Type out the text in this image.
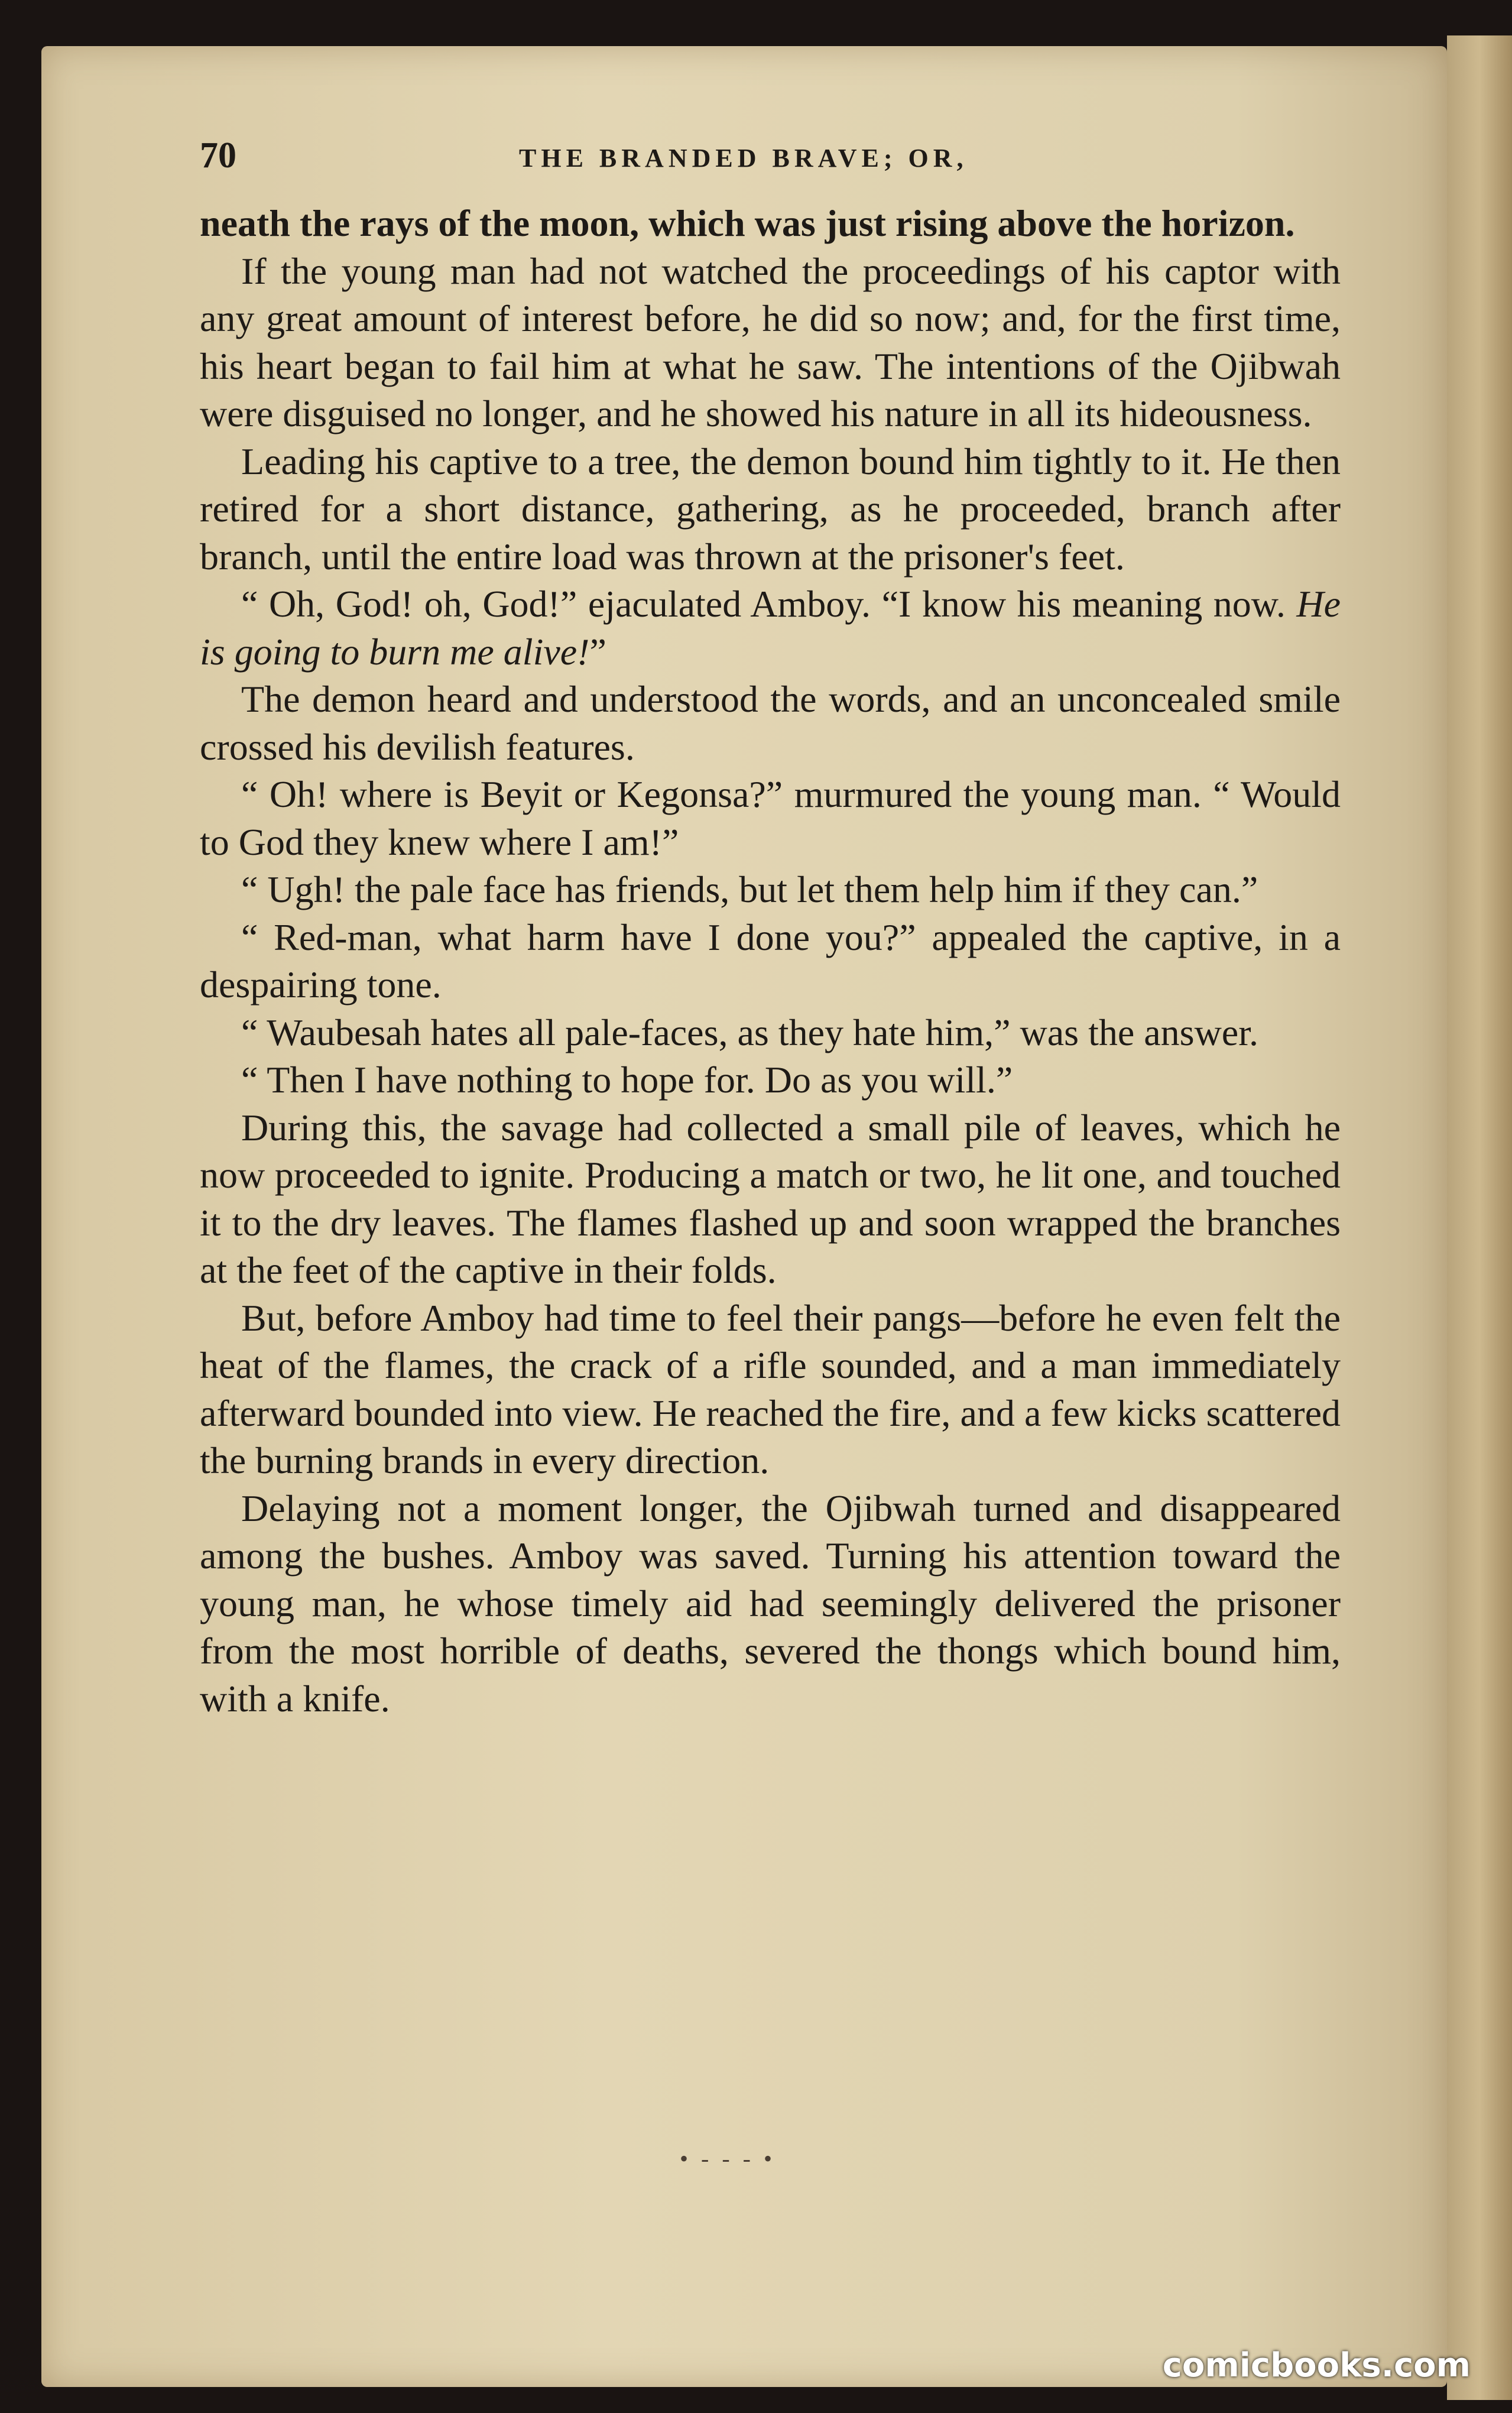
70	THE BRANDED BRAVE; OR,

neath the rays of the moon, which was just rising above the horizon.

If the young man had not watched the proceedings of his captor with any great amount of interest before, he did so now; and, for the first time, his heart began to fail him at what he saw. The intentions of the Ojibwah were disguised no longer, and he showed his nature in all its hideousness.

Leading his captive to a tree, the demon bound him tightly to it. He then retired for a short distance, gathering, as he proceeded, branch after branch, until the entire load was thrown at the prisoner's feet.

“ Oh, God! oh, God!” ejaculated Amboy. “I know his meaning now. He is going to burn me alive!”

The demon heard and understood the words, and an unconcealed smile crossed his devilish features.

“ Oh! where is Beyit or Kegonsa?” murmured the young man. “ Would to God they knew where I am!”

“ Ugh! the pale face has friends, but let them help him if they can.”

“ Red-man, what harm have I done you?” appealed the captive, in a despairing tone.

“ Waubesah hates all pale-faces, as they hate him,” was the answer.

“ Then I have nothing to hope for. Do as you will.”

During this, the savage had collected a small pile of leaves, which he now proceeded to ignite. Producing a match or two, he lit one, and touched it to the dry leaves. The flames flashed up and soon wrapped the branches at the feet of the captive in their folds.

But, before Amboy had time to feel their pangs—before he even felt the heat of the flames, the crack of a rifle sounded, and a man immediately afterward bounded into view. He reached the fire, and a few kicks scattered the burning brands in every direction.

Delaying not a moment longer, the Ojibwah turned and disappeared among the bushes. Amboy was saved. Turning his attention toward the young man, he whose timely aid had seemingly delivered the prisoner from the most horrible of deaths, severed the thongs which bound him, with a knife.

• - - - •
comicbooks.com
